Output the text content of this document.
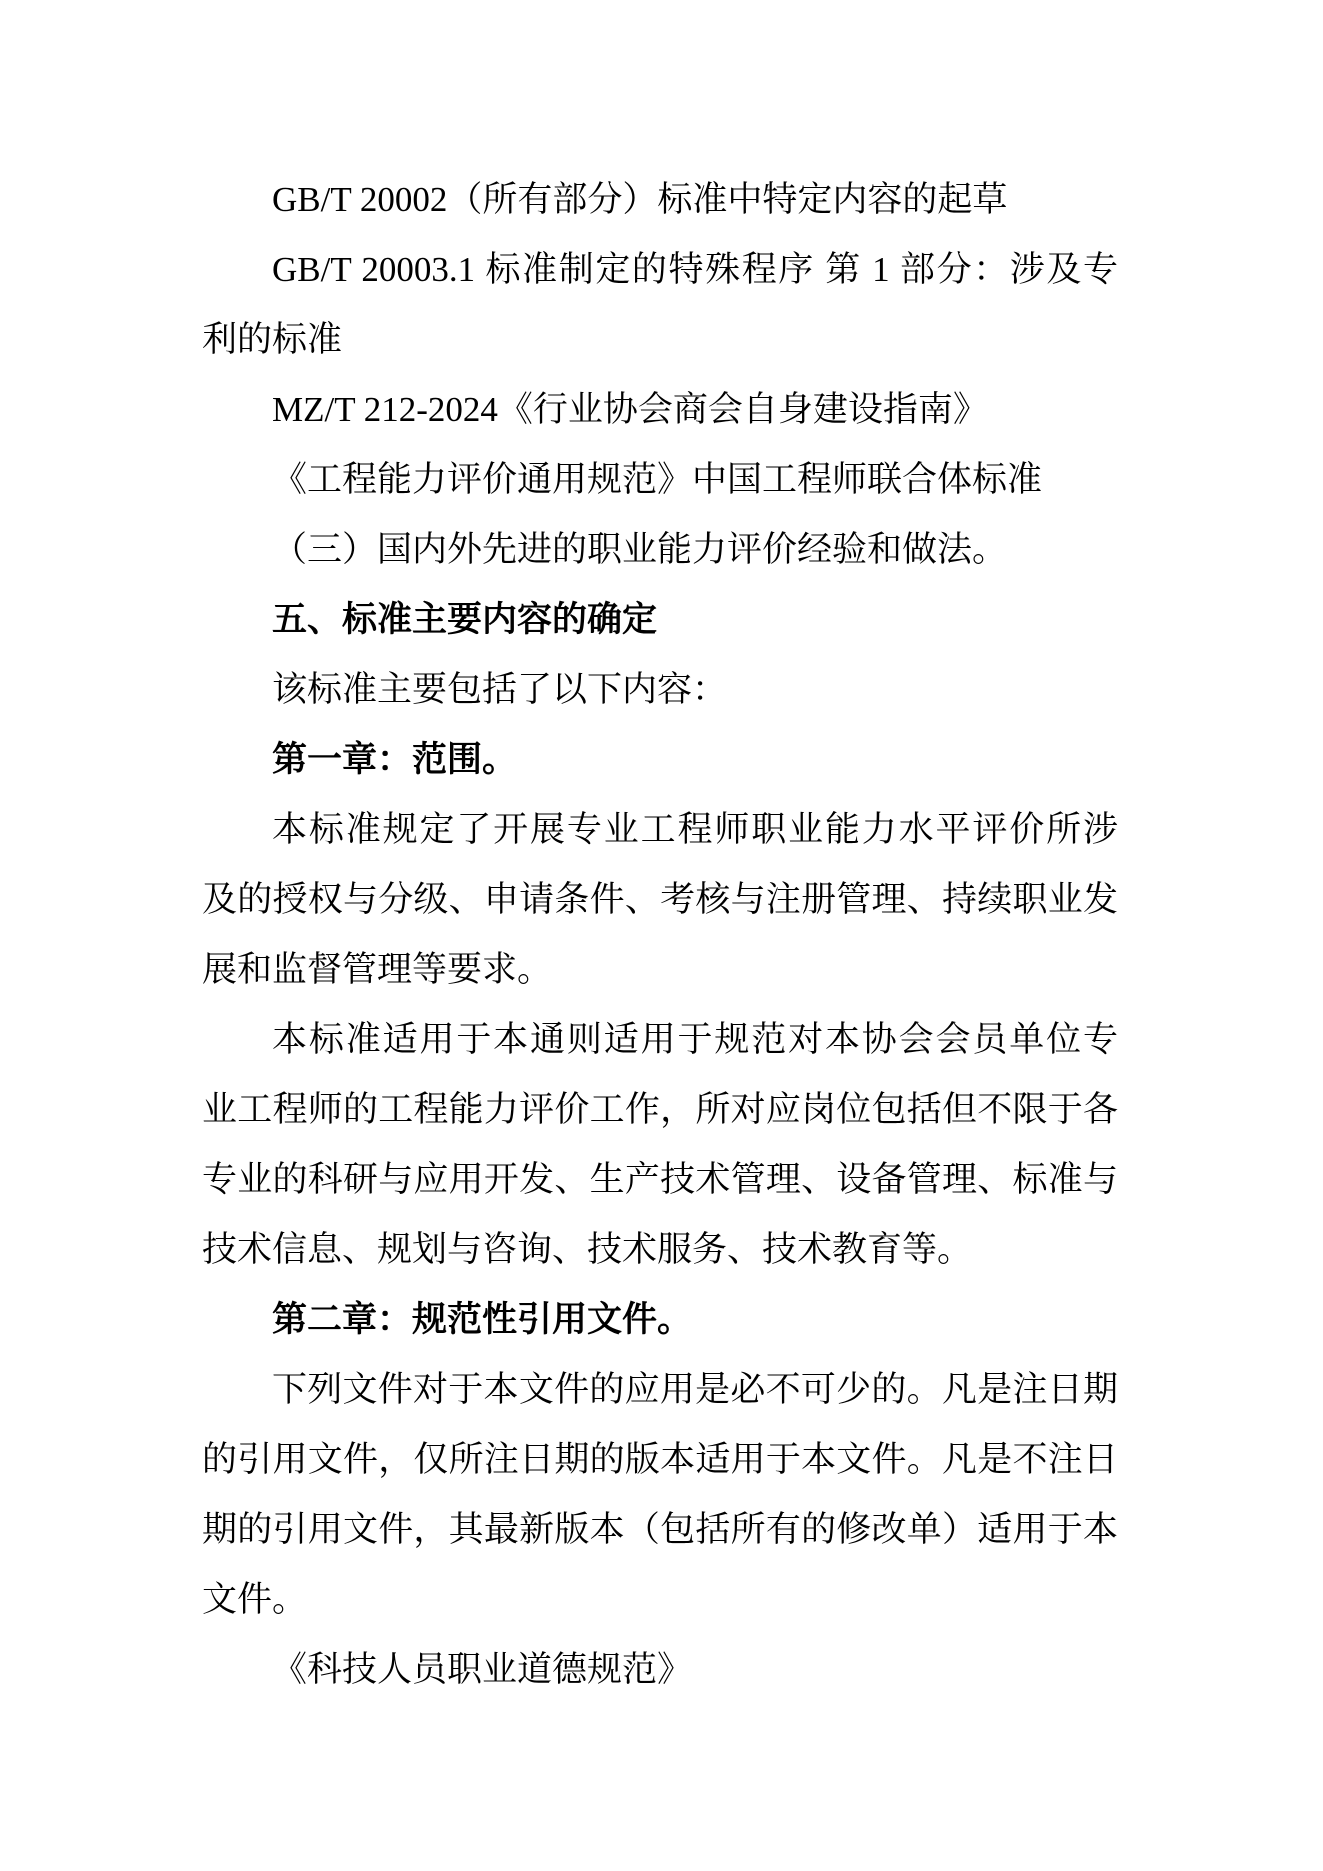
GB/T 20002（所有部分）标准中特定内容的起草
GB/T 20003.1 标准制定的特殊程序 第 1 部分：涉及专
利的标准
MZ/T 212-2024《行业协会商会自身建设指南》
《工程能力评价通用规范》中国工程师联合体标准
（三）国内外先进的职业能力评价经验和做法。
五、标准主要内容的确定
该标准主要包括了以下内容：
第一章：范围。
本标准规定了开展专业工程师职业能力水平评价所涉
及的授权与分级、申请条件、考核与注册管理、持续职业发
展和监督管理等要求。
本标准适用于本通则适用于规范对本协会会员单位专
业工程师的工程能力评价工作，所对应岗位包括但不限于各
专业的科研与应用开发、生产技术管理、设备管理、标准与
技术信息、规划与咨询、技术服务、技术教育等。
第二章：规范性引用文件。
下列文件对于本文件的应用是必不可少的。凡是注日期
的引用文件，仅所注日期的版本适用于本文件。凡是不注日
期的引用文件，其最新版本（包括所有的修改单）适用于本
文件。
《科技人员职业道德规范》
